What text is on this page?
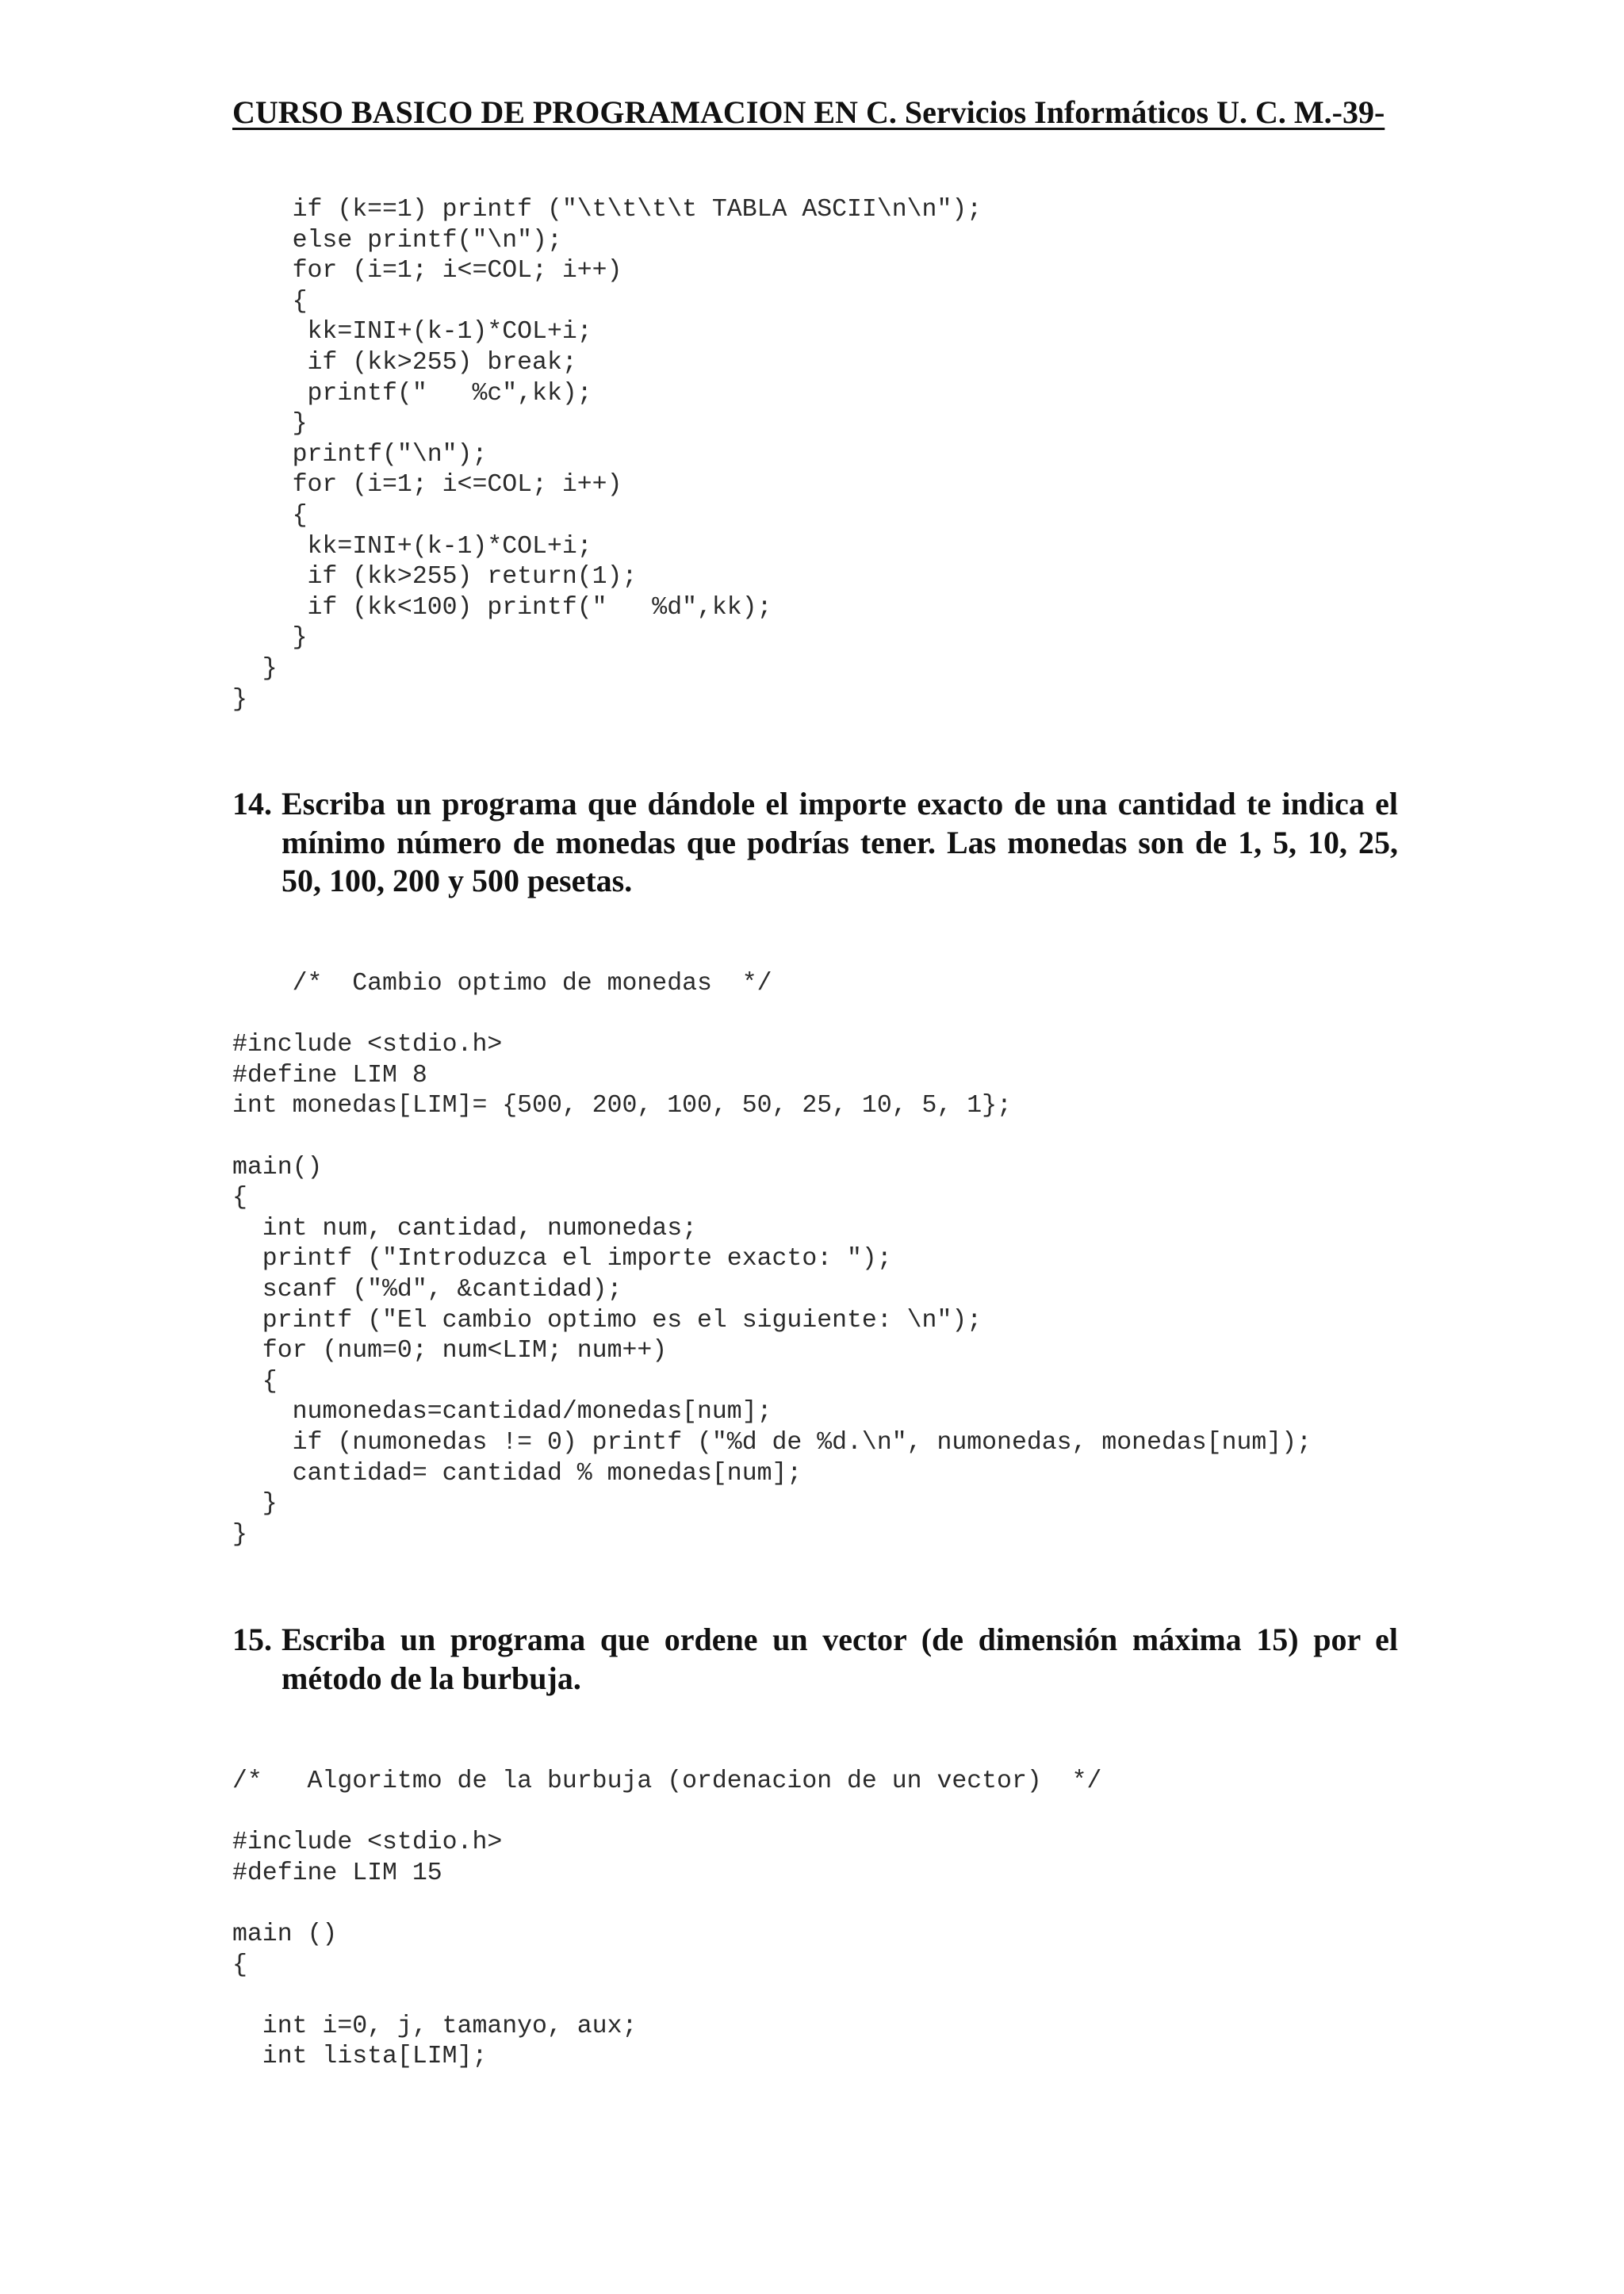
CURSO BASICO DE PROGRAMACION EN C. Servicios Informáticos U. C. M.-39-
if (k==1) printf ("\t\t\t\t TABLA ASCII\n\n");
else printf("\n");
for (i=1; i<=COL; i++)
{
kk=INI+(k-1)*COL+i;
if (kk>255) break;
printf("   %c",kk);
}
printf("\n");
for (i=1; i<=COL; i++)
{
kk=INI+(k-1)*COL+i;
if (kk>255) return(1);
if (kk<100) printf("   %d",kk);
}
}
}
14. Escriba un programa que dándole el importe exacto de una cantidad te indica el mínimo número de monedas que podrías tener. Las monedas son de 1, 5, 10, 25, 50, 100, 200 y 500 pesetas.
/*  Cambio optimo de monedas  */
#include <stdio.h>
#define LIM 8
int monedas[LIM]= {500, 200, 100, 50, 25, 10, 5, 1};
main()
{
int num, cantidad, numonedas;
printf ("Introduzca el importe exacto: ");
scanf ("%d", &cantidad);
printf ("El cambio optimo es el siguiente: \n");
for (num=0; num<LIM; num++)
{
numonedas=cantidad/monedas[num];
if (numonedas != 0) printf ("%d de %d.\n", numonedas, monedas[num]);
cantidad= cantidad % monedas[num];
}
}
15. Escriba un programa que ordene un vector (de dimensión máxima 15) por el método de la burbuja.
/*   Algoritmo de la burbuja (ordenacion de un vector)  */
#include <stdio.h>
#define LIM 15
main ()
{
int i=0, j, tamanyo, aux;
int lista[LIM];
